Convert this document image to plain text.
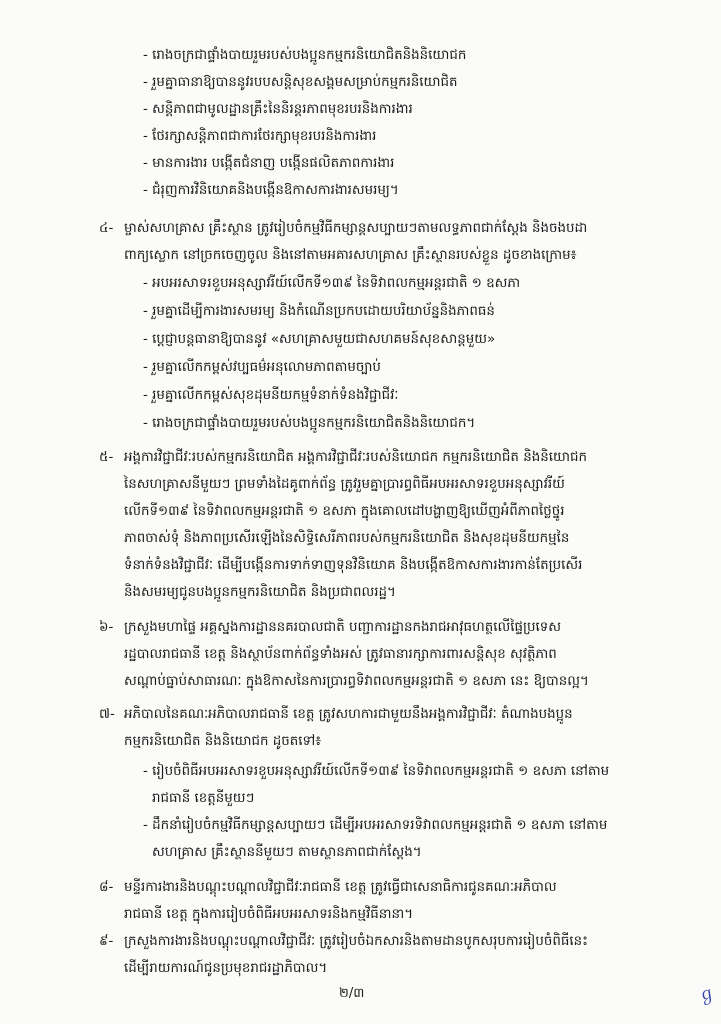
- រោងចក្រ​ជា​ផ្ទាំង​បាយ​រួម​របស់​បងប្អូន​កម្មករ​និយោជិត​និង​និយោជក
- រួមគ្នា​ធានា​ឱ្យ​បាន​នូវ​របប​សន្តិសុខ​សង្គម​សម្រាប់​កម្មករ​និយោជិត
- សន្តិភាព​ជា​មូលដ្ឋាន​គ្រឹះ​នៃ​និរន្តរភាព​មុខរបរ​និង​ការងារ
- ថែរក្សា​សន្តិភាព​ជា​ការ​ថែរក្សា​មុខរបរ​និង​ការងារ
- មាន​ការងារ បង្កើត​ជំនាញ បង្កើន​ផលិតភាព​ការងារ
- ជំរុញ​ការ​វិនិយោគ​និង​បង្កើន​ឱកាស​ការងារ​សមរម្យ។
៤- ម្ចាស់​សហគ្រាស គ្រឹះស្ថាន ត្រូវ​រៀបចំ​កម្មវិធី​កម្សាន្ត​សប្បាយៗ​តាម​លទ្ធភាព​ជាក់ស្តែង និង​ចង​បដា
ពាក្យស្លោក នៅ​ច្រក​ចេញ​ចូល និង​នៅ​តាម​អគារ​សហគ្រាស គ្រឹះស្ថាន​របស់​ខ្លួន ដូច​ខាងក្រោម៖
- អបអរសាទរ​ខួប​អនុស្សាវរីយ៍​លើក​ទី​១៣៩ នៃ​ទិវា​ពលកម្ម​អន្តរជាតិ ១ ឧសភា
- រួមគ្នា​ដើម្បី​ការងារ​សមរម្យ និង​កំណើន​ប្រកប​ដោយ​បរិយាប័ន្ន​និង​ភាព​ធន់
- ប្តេជ្ញា​បន្ត​ធានា​ឱ្យ​បាន​នូវ «សហគ្រាស​មួយ​ជា​សហគមន៍​សុខសាន្ត​មួយ»
- រួមគ្នា​លើក​កម្ពស់​វប្បធម៌​អនុលោមភាព​តាម​ច្បាប់
- រួមគ្នា​លើក​កម្ពស់​សុខដុមនីយកម្ម​ទំនាក់ទំនង​វិជ្ជាជីវៈ
- រោងចក្រ​ជា​ផ្ទាំង​បាយ​រួម​របស់​បងប្អូន​កម្មករ​និយោជិត​និង​និយោជក។
៥- អង្គការ​វិជ្ជាជីវៈ​របស់​កម្មករ​និយោជិត អង្គការ​វិជ្ជាជីវៈ​របស់​និយោជក កម្មករ​និយោជិត និង​និយោជក
នៃ​សហគ្រាស​នីមួយៗ ព្រម​ទាំង​ដៃគូ​ពាក់ព័ន្ធ ត្រូវ​រួមគ្នា​ប្រារព្ធ​ពិធី​អបអរសាទរ​ខួប​អនុស្សាវរីយ៍
លើក​ទី​១៣៩ នៃ​ទិវា​ពលកម្ម​អន្តរជាតិ ១ ឧសភា ក្នុង​គោលដៅ​បង្ហាញ​ឱ្យ​ឃើញ​អំពី​ភាព​ថ្លៃថ្នូរ
ភាព​ចាស់ទុំ និង​ភាព​ប្រសើរ​ឡើង​នៃ​សិទ្ធិ​សេរីភាព​របស់​កម្មករ​និយោជិត និង​សុខដុមនីយកម្ម​នៃ
ទំនាក់ទំនង​វិជ្ជាជីវៈ ដើម្បី​បង្កើន​ការ​ទាក់ទាញ​ទុន​វិនិយោគ និង​បង្កើត​ឱកាស​ការងារ​កាន់តែ​ប្រសើរ
និង​សមរម្យ​ជូន​បងប្អូន​កម្មករ​និយោជិត និង​ប្រជាពលរដ្ឋ។
៦- ក្រសួង​មហាផ្ទៃ អគ្គស្នងការដ្ឋាន​នគរបាល​ជាតិ បញ្ជាការដ្ឋាន​កងរាជអាវុធហត្ថ​លើ​ផ្ទៃ​ប្រទេស
រដ្ឋបាល​រាជធានី ខេត្ត និង​ស្ថាប័ន​ពាក់ព័ន្ធ​ទាំងអស់ ត្រូវ​ធានា​រក្សា​ការពារ​សន្តិសុខ សុវត្ថិភាព
សណ្តាប់ធ្នាប់​សាធារណៈ ក្នុង​ឱកាស​នៃ​ការ​ប្រារព្ធ​ទិវា​ពលកម្ម​អន្តរជាតិ ១ ឧសភា នេះ ឱ្យ​បាន​ល្អ។
៧- អភិបាល​នៃ​គណៈអភិបាល​រាជធានី ខេត្ត ត្រូវ​សហការ​ជាមួយ​នឹង​អង្គការ​វិជ្ជាជីវៈ តំណាង​បងប្អូន
កម្មករ​និយោជិត និង​និយោជក ដូច​តទៅ៖
- រៀបចំ​ពិធី​អបអរសាទរ​ខួប​អនុស្សាវរីយ៍​លើក​ទី​១៣៩ នៃ​ទិវា​ពលកម្ម​អន្តរជាតិ ១ ឧសភា នៅ​តាម
រាជធានី ខេត្ត​នីមួយៗ
- ដឹកនាំ​រៀបចំ​កម្មវិធី​កម្សាន្ត​សប្បាយៗ ដើម្បី​អបអរសាទរ​ទិវា​ពលកម្ម​អន្តរជាតិ ១ ឧសភា នៅ​តាម
សហគ្រាស គ្រឹះស្ថាន​នីមួយៗ តាម​ស្ថានភាព​ជាក់ស្តែង។
៨- មន្ទីរ​ការងារ​និង​បណ្តុះបណ្តាល​វិជ្ជាជីវៈ​រាជធានី ខេត្ត ត្រូវ​ធ្វើ​ជា​សេនាធិការ​ជូន​គណៈអភិបាល
រាជធានី ខេត្ត ក្នុង​ការ​រៀបចំ​ពិធី​អបអរសាទរ​និង​កម្មវិធី​នានា។
៩- ក្រសួង​ការងារ​និង​បណ្តុះបណ្តាល​វិជ្ជាជីវៈ ត្រូវ​រៀបចំ​ឯកសារ​និង​តាមដាន​បូកសរុប​ការ​រៀបចំ​ពិធី​នេះ
ដើម្បី​រាយការណ៍​ជូន​ប្រមុខ​រាជរដ្ឋាភិបាល។
២/៣	ℊ
